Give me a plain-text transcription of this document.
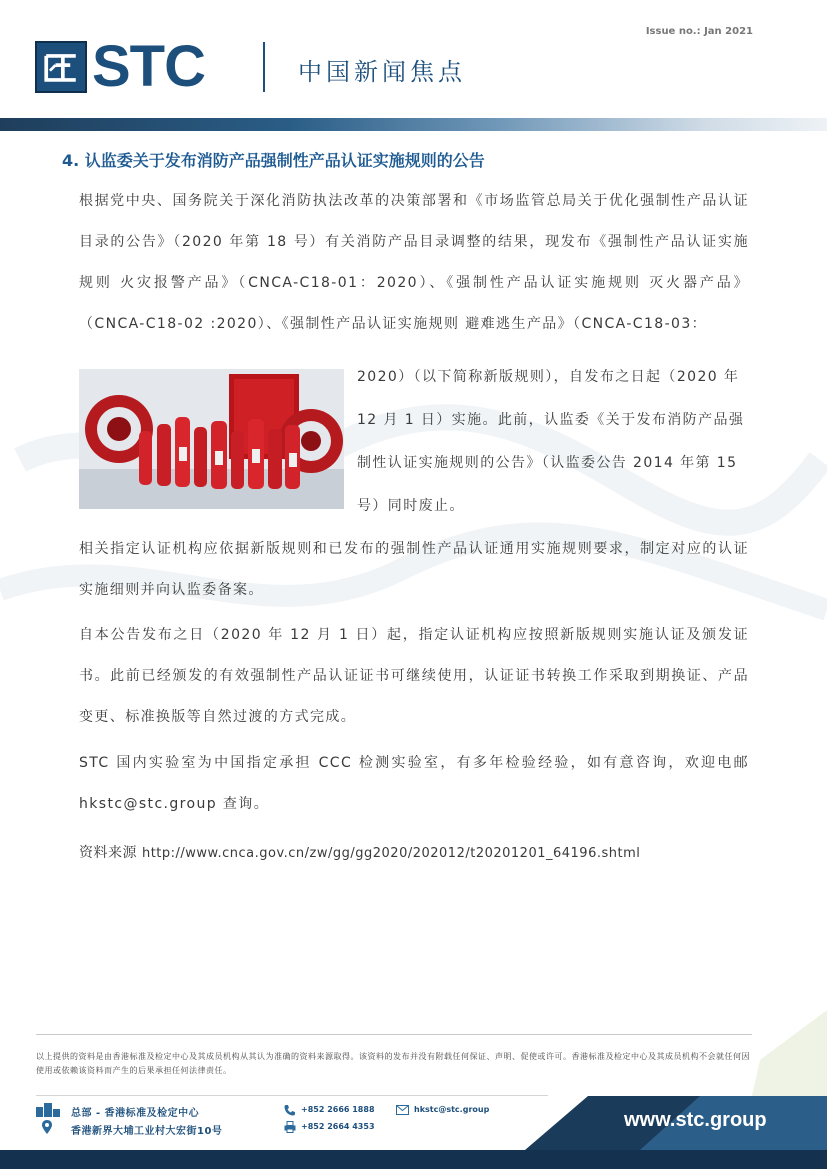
Issue no.: Jan 2021
STC	中国新闻焦点
4. 认监委关于发布消防产品强制性产品认证实施规则的公告
根据党中央、国务院关于深化消防执法改革的决策部署和《市场监管总局关于优化强制性产品认证目录的公告》（2020 年第 18 号）有关消防产品目录调整的结果，现发布《强制性产品认证实施规则 火灾报警产品》（CNCA-C18-01：2020）、《强制性产品认证实施规则 灭火器产品》（CNCA-C18-02 :2020）、《强制性产品认证实施规则 避难逃生产品》（CNCA-C18-03：
2020）（以下简称新版规则），自发布之日起（2020 年 12 月 1 日）实施。此前，认监委《关于发布消防产品强制性认证实施规则的公告》（认监委公告 2014 年第 15 号）同时废止。
相关指定认证机构应依据新版规则和已发布的强制性产品认证通用实施规则要求，制定对应的认证实施细则并向认监委备案。
自本公告发布之日（2020 年 12 月 1 日）起，指定认证机构应按照新版规则实施认证及颁发证书。此前已经颁发的有效强制性产品认证证书可继续使用，认证证书转换工作采取到期换证、产品变更、标准换版等自然过渡的方式完成。
STC 国内实验室为中国指定承担 CCC 检测实验室，有多年检验经验，如有意咨询，欢迎电邮 hkstc@stc.group 查询。
资料来源 http://www.cnca.gov.cn/zw/gg/gg2020/202012/t20201201_64196.shtml
以上提供的资料是由香港标准及检定中心及其成员机构从其认为准确的资料来源取得。该资料的发布并没有附载任何保证、声明、促使或许可。香港标准及检定中心及其成员机构不会就任何因使用或依赖该资料而产生的后果承担任何法律责任。
总部 - 香港标准及检定中心
香港新界大埔工业村大宏街10号
+852 2666 1888
+852 2664 4353
hkstc@stc.group	www.stc.group
